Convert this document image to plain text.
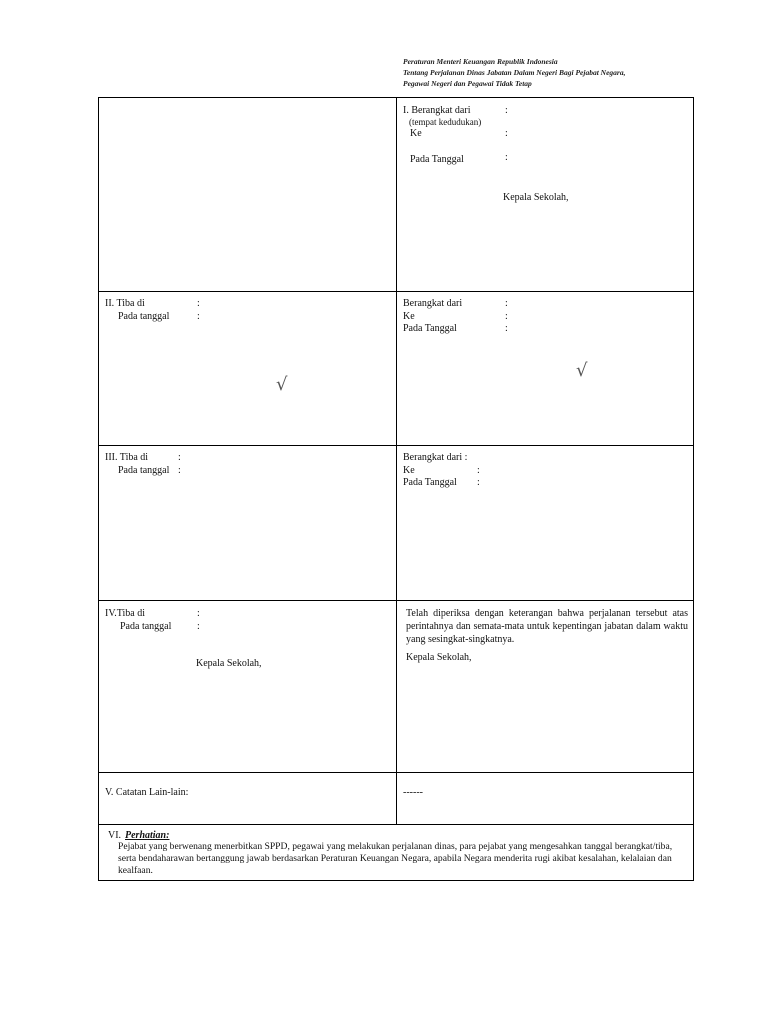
Peraturan Menteri Keuangan Republik Indonesia
Tentang Perjalanan Dinas Jabatan Dalam Negeri Bagi Pejabat Negara,
Pegawai Negeri dan Pegawai Tidak Tetap
I. Berangkat dari	:
(tempat kedudukan)
Ke	:
Pada Tanggal	:
Kepala Sekolah,
II. Tiba di	:
Pada tanggal	:
√
Berangkat dari	:
Ke	:
Pada Tanggal	:
√
III. Tiba di	:
Pada tanggal :
Berangkat dari :
Ke	:
Pada Tanggal :
IV.Tiba di	:
Pada tanggal	:
Kepala Sekolah,
Telah diperiksa dengan keterangan bahwa perjalanan tersebut atas perintahnya dan semata-mata untuk kepentingan jabatan dalam waktu yang sesingkat-singkatnya.
Kepala Sekolah,
V. Catatan Lain-lain:	------
VI. Perhatian:
Pejabat yang berwenang menerbitkan SPPD, pegawai yang melakukan perjalanan dinas, para pejabat yang mengesahkan tanggal berangkat/tiba, serta bendaharawan bertanggung jawab berdasarkan Peraturan Keuangan Negara, apabila Negara menderita rugi akibat kesalahan, kelalaian dan kealfaan.
